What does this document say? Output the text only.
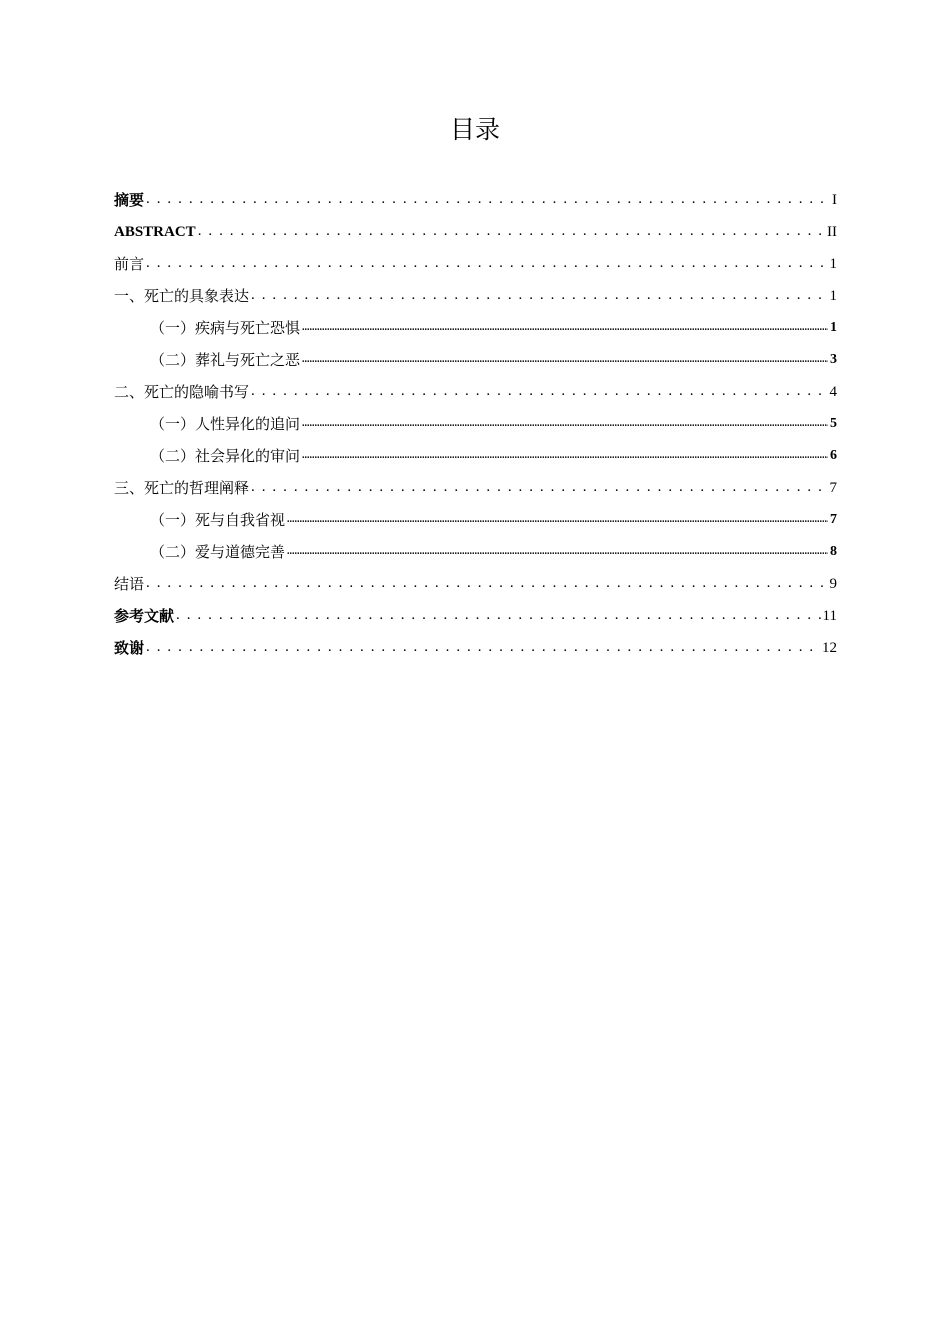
目录
摘要 . . .	I
ABSTRACT . . .	II
前言 . . .	1
一、死亡的具象表达 . . .	1
（一）疾病与死亡恐惧 .....	1
（二）葬礼与死亡之恶 .....	3
二、死亡的隐喻书写 . . .	4
（一）人性异化的追问 .....	5
（二）社会异化的审问 .....	6
三、死亡的哲理阐释 . . .	7
（一）死与自我省视 .....	7
（二）爱与道德完善 .....	8
结语 . . .	9
参考文献 . . .	11
致谢 . . .	12
